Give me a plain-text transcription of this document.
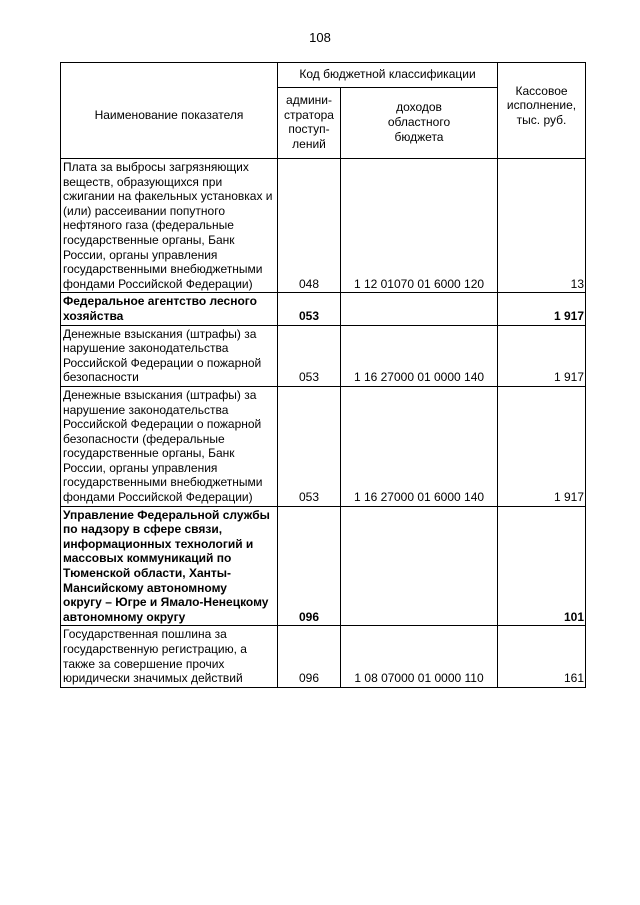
108
Наименование показателя	Код бюджетной классификации		Кассовое
исполнение,
тыс. руб.
	админи-
стратора
поступ-
лений	доходов
областного
бюджета	
Плата за выбросы загрязняющих веществ, образующихся при сжигании на факельных установках и (или) рассеивании попутного нефтяного газа (федеральные государственные органы, Банк России, органы управления государственными внебюджетными фондами Российской Федерации)	048	1 12 01070 01 6000 120	13
Федеральное агентство лесного хозяйства	053		1 917
Денежные взыскания (штрафы) за нарушение законодательства Российской Федерации о пожарной безопасности	053	1 16 27000 01 0000 140	1 917
Денежные взыскания (штрафы) за нарушение законодательства Российской Федерации о пожарной безопасности (федеральные государственные органы, Банк России, органы управления государственными внебюджетными фондами Российской Федерации)	053	1 16 27000 01 6000 140	1 917
Управление Федеральной службы по надзору в сфере связи, информационных технологий и массовых коммуникаций по Тюменской области, Ханты-Мансийскому автономному
округу – Югре и Ямало-Ненецкому автономному округу	096		101
Государственная пошлина за государственную регистрацию, а также за совершение прочих юридически значимых действий	096	1 08 07000 01 0000 110	161
